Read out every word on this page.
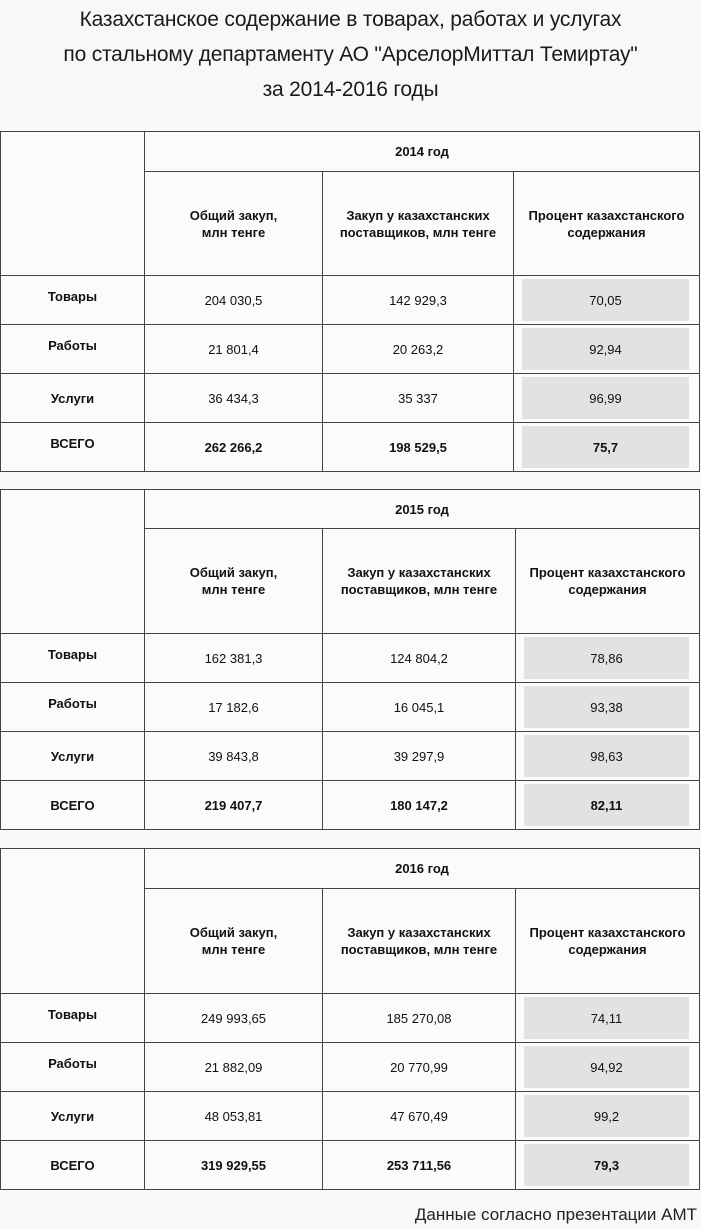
Казахстанское содержание в товарах, работах и услугах
по стальному департаменту АО "АрселорМиттал Темиртау"
за 2014-2016 годы
	2014 год		

	Общий закуп, млн тенге	Закуп у казахстанских поставщиков, млн тенге	Процент казахстанского содержания

Товары	204 030,5	142 929,3	70,05

Работы	21 801,4	20 263,2	92,94

Услуги	36 434,3	35 337	96,99

ВСЕГО	262 266,2	198 529,5	75,7
	2015 год		

	Общий закуп, млн тенге	Закуп у казахстанских поставщиков, млн тенге	Процент казахстанского содержания

Товары	162 381,3	124 804,2	78,86

Работы	17 182,6	16 045,1	93,38

Услуги	39 843,8	39 297,9	98,63

ВСЕГО	219 407,7	180 147,2	82,11
	2016 год		

	Общий закуп, млн тенге	Закуп у казахстанских поставщиков, млн тенге	Процент казахстанского содержания

Товары	249 993,65	185 270,08	74,11

Работы	21 882,09	20 770,99	94,92

Услуги	48 053,81	47 670,49	99,2

ВСЕГО	319 929,55	253 711,56	79,3
Данные согласно презентации АМТ
